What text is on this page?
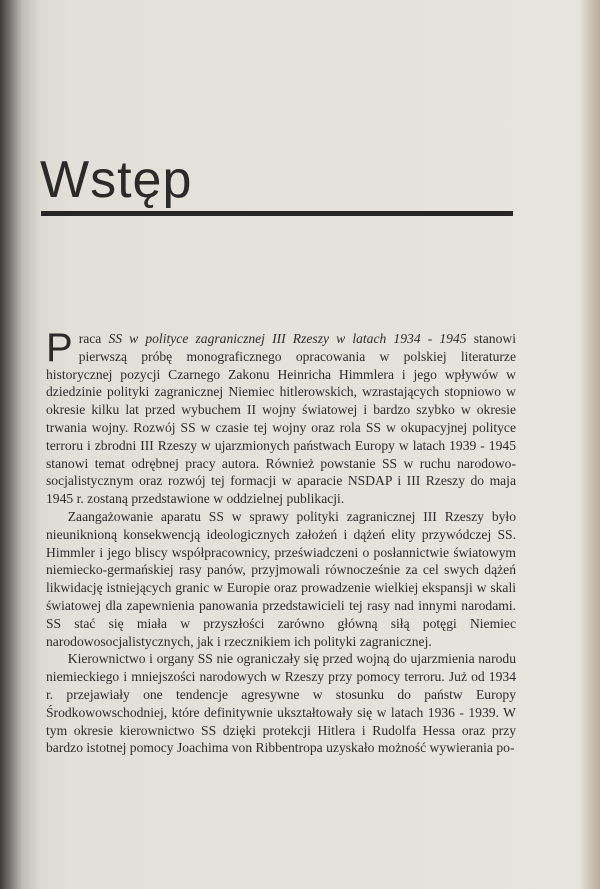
Wstęp

Praca SS w polityce zagranicznej III Rzeszy w latach 1934 - 1945 stanowi pierwszą próbę monograficznego opracowania w polskiej literaturze historycznej pozycji Czarnego Zakonu Heinricha Himmlera i jego wpływów w dziedzinie polityki zagranicznej Niemiec hitlerowskich, wzrastających stopniowo w okresie kilku lat przed wybuchem II wojny światowej i bardzo szybko w okresie trwania wojny. Rozwój SS w czasie tej wojny oraz rola SS w okupacyjnej polityce terroru i zbrodni III Rzeszy w ujarzmionych państwach Europy w latach 1939 - 1945 stanowi temat odrębnej pracy autora. Również powstanie SS w ruchu narodowo-socjalistycznym oraz rozwój tej formacji w aparacie NSDAP i III Rzeszy do maja 1945 r. zostaną przedstawione w oddzielnej publikacji.

Zaangażowanie aparatu SS w sprawy polityki zagranicznej III Rzeszy było nieuniknioną konsekwencją ideologicznych założeń i dążeń elity przywódczej SS. Himmler i jego bliscy współpracownicy, przeświadczeni o posłannictwie światowym niemiecko-germańskiej rasy panów, przyjmowali równocześnie za cel swych dążeń likwidację istniejących granic w Europie oraz prowadzenie wielkiej ekspansji w skali światowej dla zapewnienia panowania przedstawicieli tej rasy nad innymi narodami. SS stać się miała w przyszłości zarówno główną siłą potęgi Niemiec narodowosocjalistycznych, jak i rzecznikiem ich polityki zagranicznej.

Kierownictwo i organy SS nie ograniczały się przed wojną do ujarzmienia narodu niemieckiego i mniejszości narodowych w Rzeszy przy pomocy terroru. Już od 1934 r. przejawiały one tendencje agresywne w stosunku do państw Europy Środkowowschodniej, które definitywnie ukształtowały się w latach 1936 - 1939. W tym okresie kierownictwo SS dzięki protekcji Hitlera i Rudolfa Hessa oraz przy bardzo istotnej pomocy Joachima von Ribbentropa uzyskało możność wywierania po-
